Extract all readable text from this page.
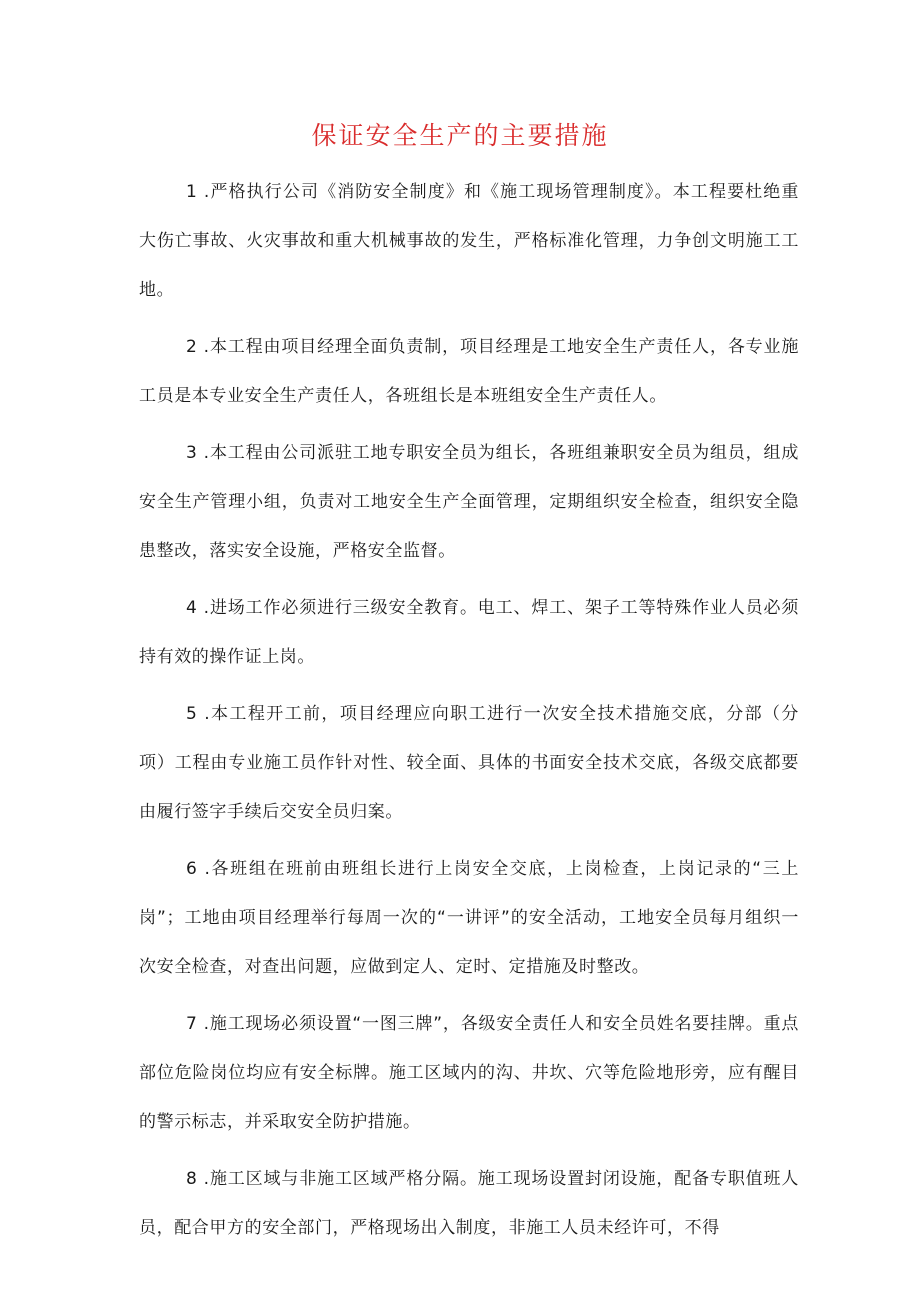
保证安全生产的主要措施

1 .严格执行公司《消防安全制度》和《施工现场管理制度》。本工程要杜绝重大伤亡事故、火灾事故和重大机械事故的发生，严格标准化管理，力争创文明施工工地。

2 .本工程由项目经理全面负责制，项目经理是工地安全生产责任人，各专业施工员是本专业安全生产责任人，各班组长是本班组安全生产责任人。

3 .本工程由公司派驻工地专职安全员为组长，各班组兼职安全员为组员，组成安全生产管理小组，负责对工地安全生产全面管理，定期组织安全检查，组织安全隐患整改，落实安全设施，严格安全监督。

4 .进场工作必须进行三级安全教育。电工、焊工、架子工等特殊作业人员必须持有效的操作证上岗。

5 .本工程开工前，项目经理应向职工进行一次安全技术措施交底，分部（分项）工程由专业施工员作针对性、较全面、具体的书面安全技术交底，各级交底都要由履行签字手续后交安全员归案。

6 .各班组在班前由班组长进行上岗安全交底，上岗检查，上岗记录的“三上岗”；工地由项目经理举行每周一次的“一讲评”的安全活动，工地安全员每月组织一次安全检查，对查出问题，应做到定人、定时、定措施及时整改。

7 .施工现场必须设置“一图三牌”，各级安全责任人和安全员姓名要挂牌。重点部位危险岗位均应有安全标牌。施工区域内的沟、井坎、穴等危险地形旁，应有醒目的警示标志，并采取安全防护措施。

8 .施工区域与非施工区域严格分隔。施工现场设置封闭设施，配备专职值班人员，配合甲方的安全部门，严格现场出入制度，非施工人员未经许可，不得
